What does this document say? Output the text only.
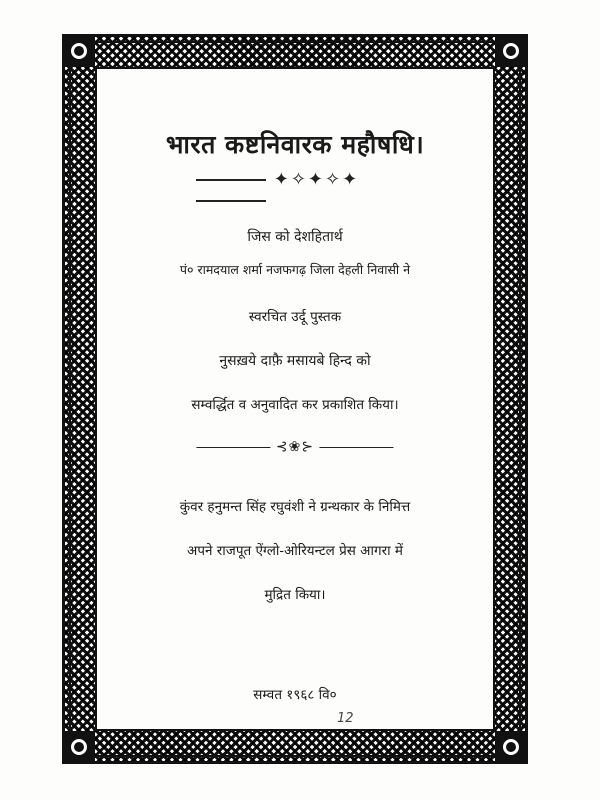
भारत कष्टनिवारक महौषधि।
✦✧✦✧✦
जिस को देशहितार्थ
पं० रामदयाल शर्मा नजफगढ़ जिला देहली निवासी ने
स्वरचित उर्दू पुस्तक
नुसख़ये दाफ़ै मसायबे हिन्द को
सम्वर्द्धित व अनुवादित कर प्रकाशित किया।
⊰❀⊱
कुंवर हनुमन्त सिंह रघुवंशी ने ग्रन्थकार के निमित्त
अपने राजपूत ऐंग्लो-ओरियन्टल प्रेस आगरा में
मुद्रित किया।
सम्वत १९६८ वि०
12
